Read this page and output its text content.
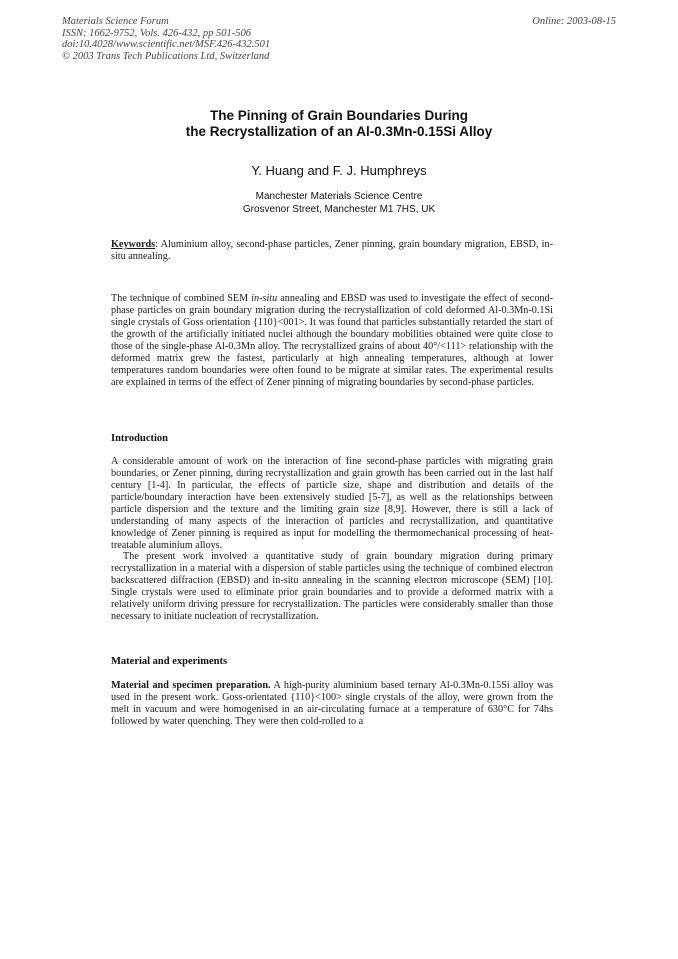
Materials Science Forum
ISSN: 1662-9752, Vols. 426-432, pp 501-506
doi:10.4028/www.scientific.net/MSF.426-432.501
© 2003 Trans Tech Publications Ltd, Switzerland
Online: 2003-08-15
The Pinning of Grain Boundaries During
the Recrystallization of an Al-0.3Mn-0.15Si Alloy
Y. Huang and F. J. Humphreys
Manchester Materials Science Centre
Grosvenor Street, Manchester M1 7HS, UK
Keywords: Aluminium alloy, second-phase particles, Zener pinning, grain boundary migration, EBSD, in-situ annealing.
The technique of combined SEM in-situ annealing and EBSD was used to investigate the effect of second-phase particles on grain boundary migration during the recrystallization of cold deformed Al-0.3Mn-0.1Si single crystals of Goss orientation {110}<001>. It was found that particles substantially retarded the start of the growth of the artificially initiated nuclei although the boundary mobilities obtained were quite close to those of the single-phase Al-0.3Mn alloy. The recrystallized grains of about 40°/<111> relationship with the deformed matrix grew the fastest, particularly at high annealing temperatures, although at lower temperatures random boundaries were often found to be migrate at similar rates. The experimental results are explained in terms of the effect of Zener pinning of migrating boundaries by second-phase particles.
Introduction

A considerable amount of work on the interaction of fine second-phase particles with migrating grain boundaries, or Zener pinning, during recrystallization and grain growth has been carried out in the last half century [1-4]. In particular, the effects of particle size, shape and distribution and details of the particle/boundary interaction have been extensively studied [5-7], as well as the relationships between particle dispersion and the texture and the limiting grain size [8,9]. However, there is still a lack of understanding of many aspects of the interaction of particles and recrystallization, and quantitative knowledge of Zener pinning is required as input for modelling the thermomechanical processing of heat-treatable aluminium alloys.

The present work involved a quantitative study of grain boundary migration during primary recrystallization in a material with a dispersion of stable particles using the technique of combined electron backscattered diffraction (EBSD) and in-situ annealing in the scanning electron microscope (SEM) [10]. Single crystals were used to eliminate prior grain boundaries and to provide a deformed matrix with a relatively uniform driving pressure for recrystallization. The particles were considerably smaller than those necessary to initiate nucleation of recrystallization.

Material and experiments
Material and specimen preparation. A high-purity aluminium based ternary Al-0.3Mn-0.15Si alloy was used in the present work. Goss-orientated {110}<100> single crystals of the alloy, were grown from the melt in vacuum and were homogenised in an air-circulating furnace at a temperature of 630°C for 74hs followed by water quenching. They were then cold-rolled to a
